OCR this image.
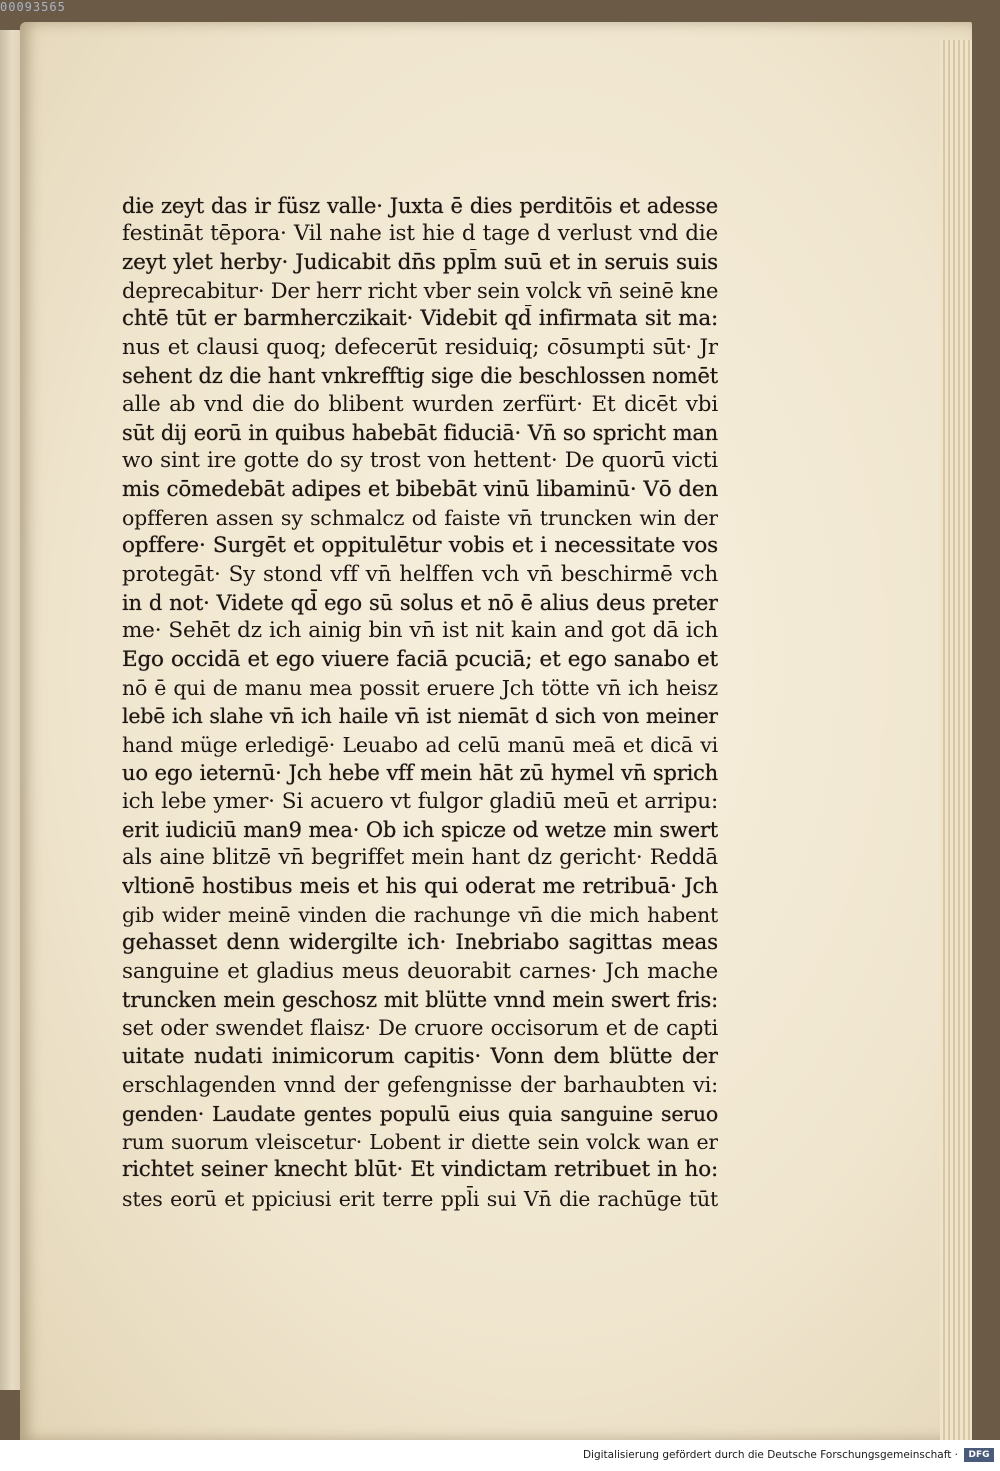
00093565
die zeyt das ir füsz valle· Juxta ē dies perditōis et adesse
festināt tēpora· Vil nahe ist hie d tage d verlust vnd die
zeyt ylet herby· Judicabit dn̄s ppl̄m suū et in seruis suis
deprecabitur· Der herr richt vber sein volck vn̄ seinē kne
chtē tūt er barmherczikait· Videbit qd̄ infirmata sit ma:
nus et clausi quoq; defecerūt residuiq; cōsumpti sūt· Jr
sehent dz die hant vnkrefftig sige die beschlossen nomēt
alle ab vnd die do blibent wurden zerfürt· Et dicēt vbi
sūt dij eorū in quibus habebāt fiduciā· Vn̄ so spricht man
wo sint ire gotte do sy trost von hettent· De quorū victi
mis cōmedebāt adipes et bibebāt vinū libaminū· Vō den
opfferen assen sy schmalcz od faiste vn̄ truncken win der
opffere· Surgēt et oppitulētur vobis et i necessitate vos
protegāt· Sy stond vff vn̄ helffen vch vn̄ beschirmē vch
in d not· Videte qd̄ ego sū solus et nō ē alius deus preter
me· Sehēt dz ich ainig bin vn̄ ist nit kain and got dā ich
Ego occidā et ego viuere faciā pcuciā; et ego sanabo et
nō ē qui de manu mea possit eruere Jch tötte vn̄ ich heisz
lebē ich slahe vn̄ ich haile vn̄ ist niemāt d sich von meiner
hand müge erledigē· Leuabo ad celū manū meā et dicā vi
uo ego ieternū· Jch hebe vff mein hāt zū hymel vn̄ sprich
ich lebe ymer· Si acuero vt fulgor gladiū meū et arripu:
erit iudiciū man9 mea· Ob ich spicze od wetze min swert
als aine blitzē vn̄ begriffet mein hant dz gericht· Reddā
vltionē hostibus meis et his qui oderat me retribuā· Jch
gib wider meinē vinden die rachunge vn̄ die mich habent
gehasset denn widergilte ich· Inebriabo sagittas meas
sanguine et gladius meus deuorabit carnes· Jch mache
truncken mein geschosz mit blütte vnnd mein swert fris:
set oder swendet flaisz· De cruore occisorum et de capti
uitate nudati inimicorum capitis· Vonn dem blütte der
erschlagenden vnnd der gefengnisse der barhaubten vi:
genden· Laudate gentes populū eius quia sanguine seruo
rum suorum vleiscetur· Lobent ir diette sein volck wan er
richtet seiner knecht blūt· Et vindictam retribuet in ho:
stes eorū et ppiciusi erit terre ppl̄i sui Vn̄ die rachūge tūt
Digitalisierung gefördert durch die Deutsche Forschungsgemeinschaft ·	DFG
